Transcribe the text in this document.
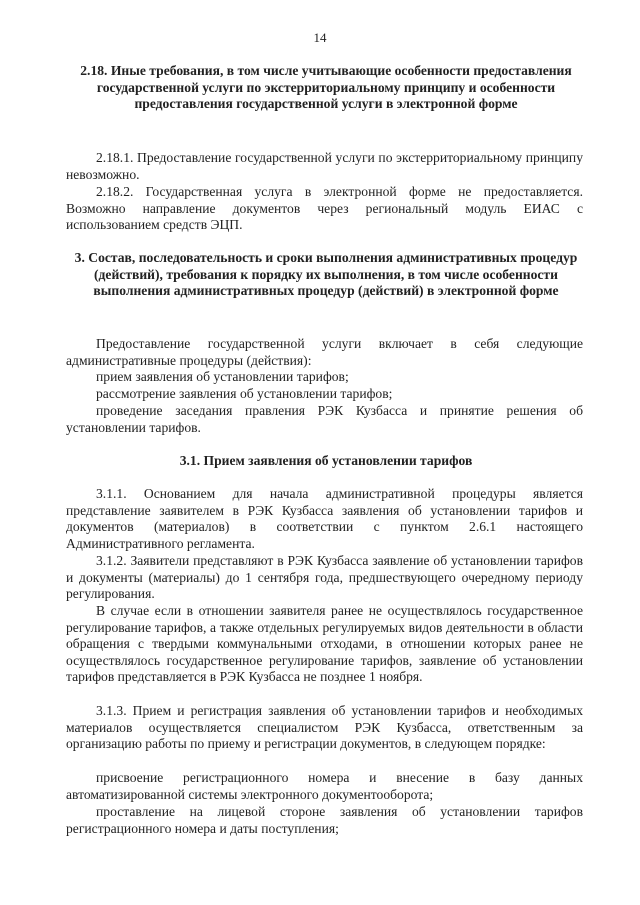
14
2.18. Иные требования, в том числе учитывающие особенности предоставления государственной услуги по экстерриториальному принципу и особенности предоставления государственной услуги в электронной форме

2.18.1. Предоставление государственной услуги по экстерриториальному принципу невозможно.

2.18.2. Государственная услуга в электронной форме не предоставляется. Возможно направление документов через региональный модуль ЕИАС с использованием средств ЭЦП.

3. Состав, последовательность и сроки выполнения административных процедур (действий), требования к порядку их выполнения, в том числе особенности выполнения административных процедур (действий) в электронной форме

Предоставление государственной услуги включает в себя следующие административные процедуры (действия):

прием заявления об установлении тарифов;

рассмотрение заявления об установлении тарифов;

проведение заседания правления РЭК Кузбасса и принятие решения об установлении тарифов.

3.1. Прием заявления об установлении тарифов

3.1.1. Основанием для начала административной процедуры является представление заявителем в РЭК Кузбасса заявления об установлении тарифов и документов (материалов) в соответствии с пунктом 2.6.1 настоящего Административного регламента.

3.1.2. Заявители представляют в РЭК Кузбасса заявление об установлении тарифов и документы (материалы) до 1 сентября года, предшествующего очередному периоду регулирования.

В случае если в отношении заявителя ранее не осуществлялось государственное регулирование тарифов, а также отдельных регулируемых видов деятельности в области обращения с твердыми коммунальными отходами, в отношении которых ранее не осуществлялось государственное регулирование тарифов, заявление об установлении тарифов представляется в РЭК Кузбасса не позднее 1 ноября.

3.1.3. Прием и регистрация заявления об установлении тарифов и необходимых материалов осуществляется специалистом РЭК Кузбасса, ответственным за организацию работы по приему и регистрации документов, в следующем порядке:

присвоение регистрационного номера и внесение в базу данных автоматизированной системы электронного документооборота;

проставление на лицевой стороне заявления об установлении тарифов регистрационного номера и даты поступления;
